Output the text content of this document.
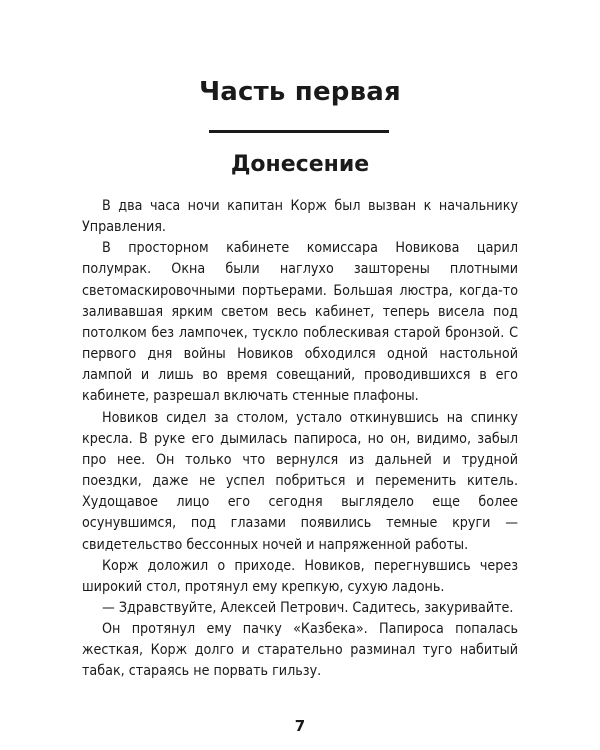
Часть первая
Донесение

В два часа ночи капитан Корж был вызван к начальнику Управления.

В просторном кабинете комиссара Новикова царил полумрак. Окна были наглухо зашторены плотными светомаскировочными портьерами. Большая люстра, когда-то заливавшая ярким светом весь кабинет, теперь висела под потолком без лампочек, тускло поблескивая старой бронзой. С первого дня войны Новиков обходился одной настольной лампой и лишь во время совещаний, проводившихся в его кабинете, разрешал включать стенные плафоны.

Новиков сидел за столом, устало откинувшись на спинку кресла. В руке его дымилась папироса, но он, видимо, забыл про нее. Он только что вернулся из дальней и трудной поездки, даже не успел побриться и переменить китель. Худощавое лицо его сегодня выглядело еще более осунувшимся, под глазами появились темные круги — свидетельство бессонных ночей и напряженной работы.

Корж доложил о приходе. Новиков, перегнувшись через широкий стол, протянул ему крепкую, сухую ладонь.

— Здравствуйте, Алексей Петрович. Садитесь, закуривайте.

Он протянул ему пачку «Казбека». Папироса попалась жесткая, Корж долго и старательно разминал туго набитый табак, стараясь не порвать гильзу.

7
